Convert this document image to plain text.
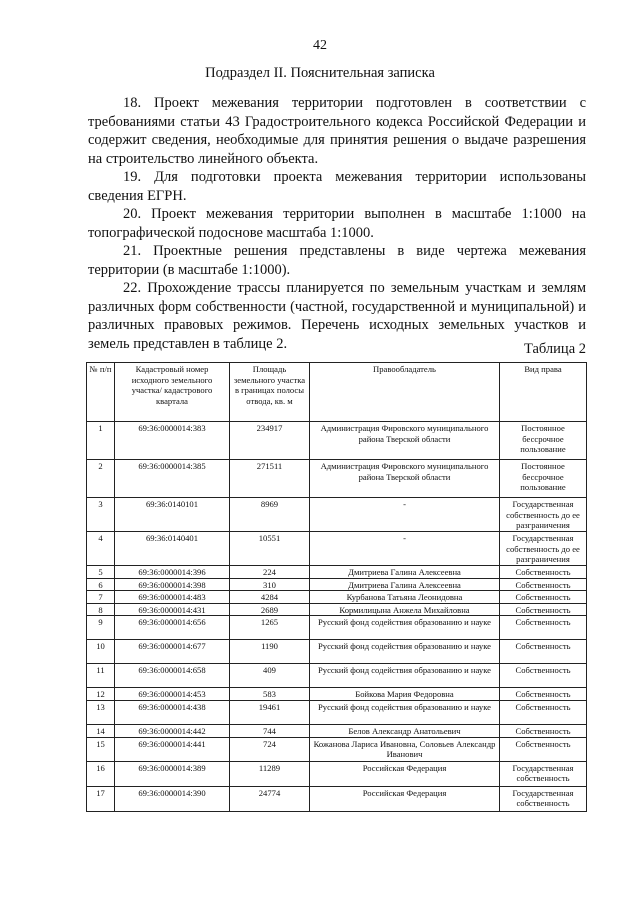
42
Подраздел II. Пояснительная записка

18. Проект межевания территории подготовлен в соответствии с требованиями статьи 43 Градостроительного кодекса Российской Федерации и содержит сведения, необходимые для принятия решения о выдаче разрешения на строительство линейного объекта.

19. Для подготовки проекта межевания территории использованы сведения ЕГРН.

20. Проект межевания территории выполнен в масштабе 1:1000 на топографической подоснове масштаба 1:1000.

21. Проектные решения представлены в виде чертежа межевания территории (в масштабе 1:1000).

22. Прохождение трассы планируется по земельным участкам и землям различных форм собственности (частной, государственной и муниципальной) и различных правовых режимов. Перечень исходных земельных участков и земель представлен в таблице 2.	Таблица 2
№ п/п	Кадастровый номер исходного земельного участка/ кадастрового квартала	Площадь земельного участка в границах полосы отвода, кв. м	Правообладатель	Вид права
1	69:36:0000014:383	234917	Администрация Фировского муниципального района Тверской области	Постоянное бессрочное пользование
2	69:36:0000014:385	271511	Администрация Фировского муниципального района Тверской области	Постоянное бессрочное пользование
3	69:36:0140101	8969	-	Государственная собственность до ее разграничения
4	69:36:0140401	10551	-	Государственная собственность до ее разграничения
5	69:36:0000014:396	224	Дмитриева Галина Алексеевна	Собственность
6	69:36:0000014:398	310	Дмитриева Галина Алексеевна	Собственность
7	69:36:0000014:483	4284	Курбанова Татьяна Леонидовна	Собственность
8	69:36:0000014:431	2689	Кормилицына Анжела Михайловна	Собственность
9	69:36:0000014:656	1265	Русский фонд содействия образованию и науке	Собственность
10	69:36:0000014:677	1190	Русский фонд содействия образованию и науке	Собственность
11	69:36:0000014:658	409	Русский фонд содействия образованию и науке	Собственность
12	69:36:0000014:453	583	Бойкова Мария Федоровна	Собственность
13	69:36:0000014:438	19461	Русский фонд содействия образованию и науке	Собственность
14	69:36:0000014:442	744	Белов Александр Анатольевич	Собственность
15	69:36:0000014:441	724	Кожанова Лариса Ивановна, Соловьев Александр Иванович	Собственность
16	69:36:0000014:389	11289	Российская Федерация	Государственная собственность
17	69:36:0000014:390	24774	Российская Федерация	Государственная собственность
